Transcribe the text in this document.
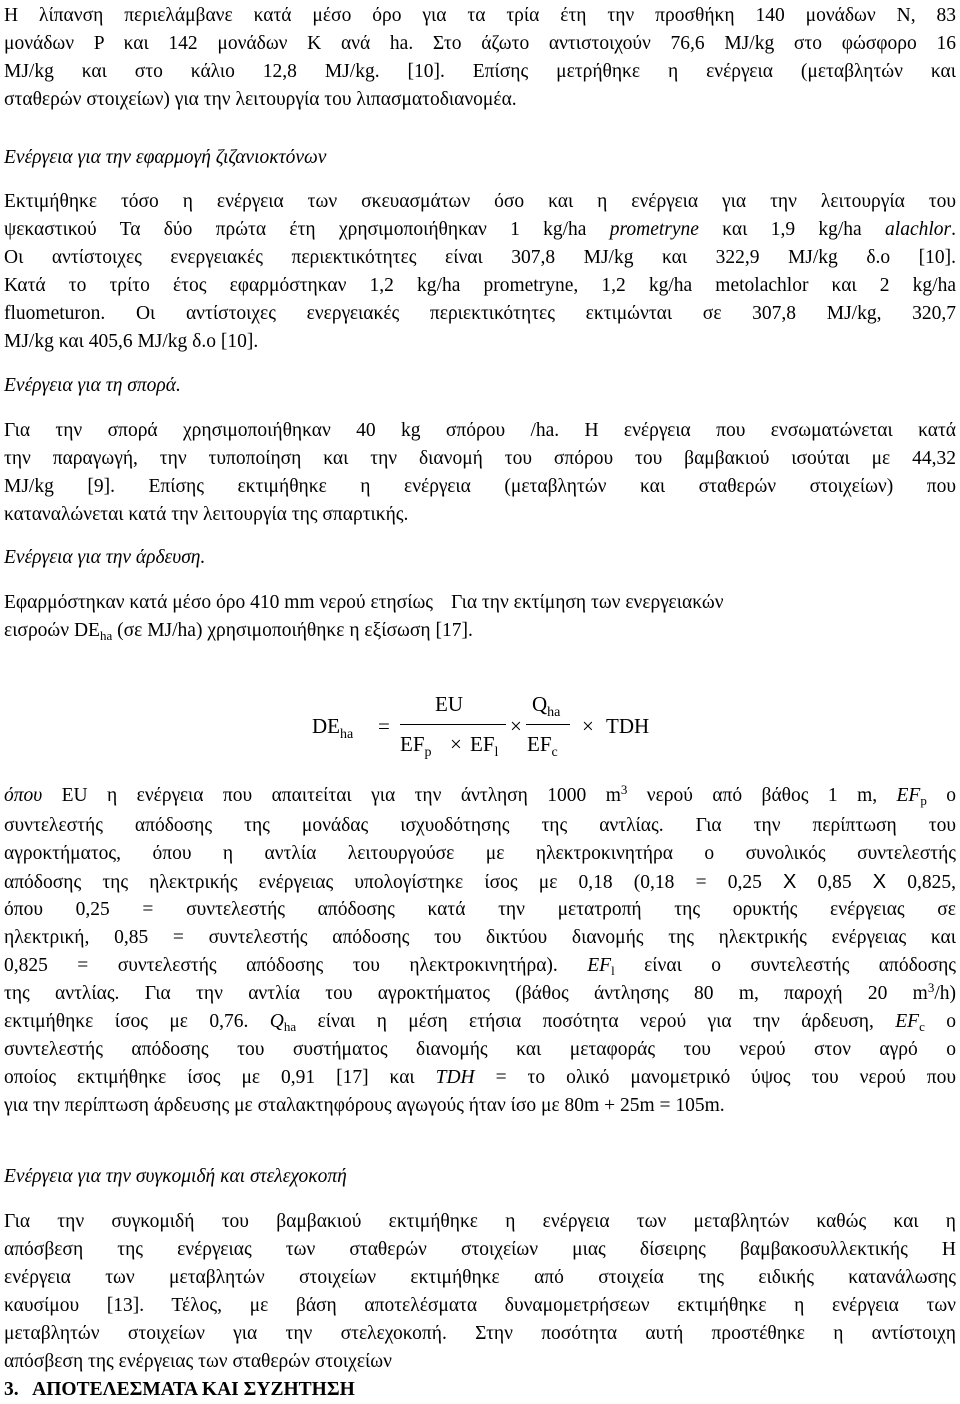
Η λίπανση περιελάμβανε κατά μέσο όρο για τα τρία έτη την προσθήκη 140 μονάδων Ν, 83
μονάδων P και 142 μονάδων K ανά ha. Στο άζωτο αντιστοιχούν 76,6 MJ/kg στο φώσφορο 16
MJ/kg και στο κάλιο 12,8 MJ/kg. [10]. Επίσης μετρήθηκε η ενέργεια (μεταβλητών και
σταθερών στοιχείων) για την λειτουργία του λιπασματοδιανομέα.
Ενέργεια για την εφαρμογή ζιζανιοκτόνων
Εκτιμήθηκε τόσο η ενέργεια των σκευασμάτων όσο και η ενέργεια για την λειτουργία του
ψεκαστικού Τα δύο πρώτα έτη χρησιμοποιήθηκαν 1 kg/ha prometryne και 1,9 kg/ha alachlor.
Οι αντίστοιχες ενεργειακές περιεκτικότητες είναι 307,8 MJ/kg και 322,9 MJ/kg δ.ο [10].
Κατά το τρίτο έτος εφαρμόστηκαν 1,2 kg/ha prometryne, 1,2 kg/ha metolachlor και 2 kg/ha
fluometuron. Οι αντίστοιχες ενεργειακές περιεκτικότητες εκτιμώνται σε 307,8 MJ/kg, 320,7
MJ/kg και 405,6 MJ/kg δ.ο [10].
Ενέργεια για τη σπορά.
Για την σπορά χρησιμοποιήθηκαν 40 kg σπόρου /ha. Η ενέργεια που ενσωματώνεται κατά
την παραγωγή, την τυποποίηση και την διανομή του σπόρου του βαμβακιού ισούται με 44,32
MJ/kg [9]. Επίσης εκτιμήθηκε η ενέργεια (μεταβλητών και σταθερών στοιχείων) που
καταναλώνεται κατά την λειτουργία της σπαρτικής.
Ενέργεια για την άρδευση.
Εφαρμόστηκαν κατά μέσο όρο 410 mm νερού ετησίως Για την εκτίμηση των ενεργειακών
εισροών $DE_{ha}$ (σε MJ/ha) χρησιμοποιήθηκε η εξίσωση [17].
$DE_{ha}$ =
EU
$EF_p \times EF_l$
×
$Q_{ha}$
$EF_c$
× TDH
όπου EU η ενέργεια που απαιτείται για την άντληση 1000 $m^3$ νερού από βάθος 1 m, $EF_p$ ο
συντελεστής απόδοσης της μονάδας ισχυοδότησης της αντλίας. Για την περίπτωση του
αγροκτήματος, όπου η αντλία λειτουργούσε με ηλεκτροκινητήρα ο συνολικός συντελεστής
απόδοσης της ηλεκτρικής ενέργειας υπολογίστηκε ίσος με 0,18 (0,18 = 0,25 Χ 0,85 Χ 0,825,
όπου 0,25 = συντελεστής απόδοσης κατά την μετατροπή της ορυκτής ενέργειας σε
ηλεκτρική, 0,85 = συντελεστής απόδοσης του δικτύου διανομής της ηλεκτρικής ενέργειας και
0,825 = συντελεστής απόδοσης του ηλεκτροκινητήρα). $EF_l$ είναι ο συντελεστής απόδοσης
της αντλίας. Για την αντλία του αγροκτήματος (βάθος άντλησης 80 m, παροχή 20 $m^3/h$)
εκτιμήθηκε ίσος με 0,76. $Q_{ha}$ είναι η μέση ετήσια ποσότητα νερού για την άρδευση, $EF_c$ ο
συντελεστής απόδοσης του συστήματος διανομής και μεταφοράς του νερού στον αγρό ο
οποίος εκτιμήθηκε ίσος με 0,91 [17] και TDH = το ολικό μανομετρικό ύψος του νερού που
για την περίπτωση άρδευσης με σταλακτηφόρους αγωγούς ήταν ίσο με 80m + 25m = 105m.
Ενέργεια για την συγκομιδή και στελεχοκοπή
Για την συγκομιδή του βαμβακιού εκτιμήθηκε η ενέργεια των μεταβλητών καθώς και η
απόσβεση της ενέργειας των σταθερών στοιχείων μιας δίσειρης βαμβακοσυλλεκτικής Η
ενέργεια των μεταβλητών στοιχείων εκτιμήθηκε από στοιχεία της ειδικής κατανάλωσης
καυσίμου [13]. Τέλος, με βάση αποτελέσματα δυναμομετρήσεων εκτιμήθηκε η ενέργεια των
μεταβλητών στοιχείων για την στελεχοκοπή. Στην ποσότητα αυτή προστέθηκε η αντίστοιχη
απόσβεση της ενέργειας των σταθερών στοιχείων
3.   ΑΠΟΤΕΛΕΣΜΑΤΑ ΚΑΙ ΣΥΖΗΤΗΣΗ
